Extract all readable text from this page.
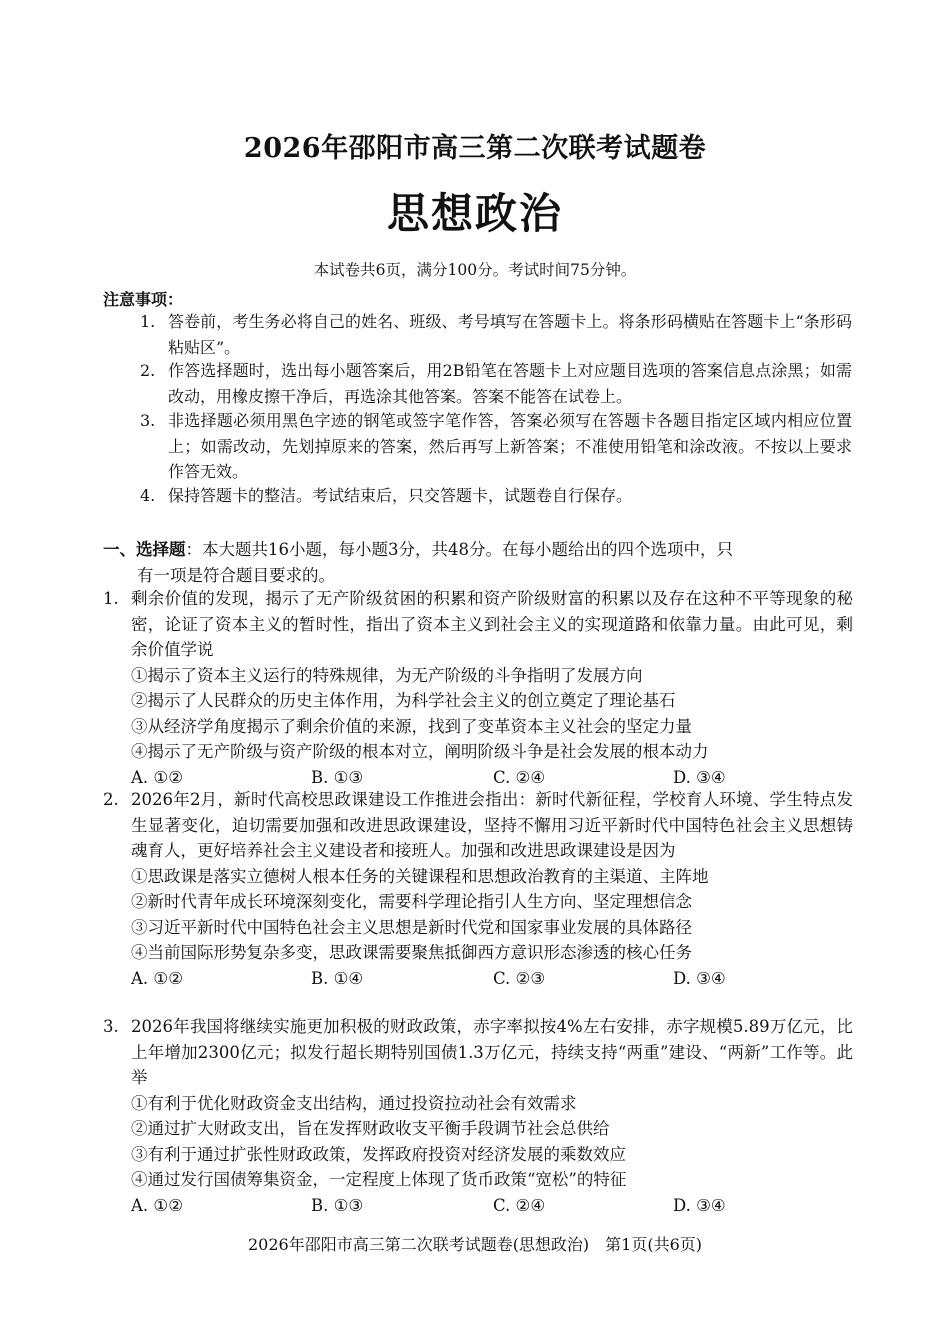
2026年邵阳市高三第二次联考试题卷
思想政治
本试卷共6页，满分100分。考试时间75分钟。
注意事项：
1. 答卷前，考生务必将自己的姓名、班级、考号填写在答题卡上。将条形码横贴在答题卡上“条形码粘贴区”。
2. 作答选择题时，选出每小题答案后，用2B铅笔在答题卡上对应题目选项的答案信息点涂黑；如需改动，用橡皮擦干净后，再选涂其他答案。答案不能答在试卷上。
3. 非选择题必须用黑色字迹的钢笔或签字笔作答，答案必须写在答题卡各题目指定区域内相应位置上；如需改动，先划掉原来的答案，然后再写上新答案；不准使用铅笔和涂改液。不按以上要求作答无效。
4. 保持答题卡的整洁。考试结束后，只交答题卡，试题卷自行保存。
一、选择题：本大题共16小题，每小题3分，共48分。在每小题给出的四个选项中，只
有一项是符合题目要求的。
1. 剩余价值的发现，揭示了无产阶级贫困的积累和资产阶级财富的积累以及存在这种不平等现象的秘密，论证了资本主义的暂时性，指出了资本主义到社会主义的实现道路和依靠力量。由此可见，剩余价值学说
①揭示了资本主义运行的特殊规律，为无产阶级的斗争指明了发展方向
②揭示了人民群众的历史主体作用，为科学社会主义的创立奠定了理论基石
③从经济学角度揭示了剩余价值的来源，找到了变革资本主义社会的坚定力量
④揭示了无产阶级与资产阶级的根本对立，阐明阶级斗争是社会发展的根本动力
A. ①②	B. ①③	C. ②④	D. ③④
2. 2026年2月，新时代高校思政课建设工作推进会指出：新时代新征程，学校育人环境、学生特点发生显著变化，迫切需要加强和改进思政课建设，坚持不懈用习近平新时代中国特色社会主义思想铸魂育人，更好培养社会主义建设者和接班人。加强和改进思政课建设是因为
①思政课是落实立德树人根本任务的关键课程和思想政治教育的主渠道、主阵地
②新时代青年成长环境深刻变化，需要科学理论指引人生方向、坚定理想信念
③习近平新时代中国特色社会主义思想是新时代党和国家事业发展的具体路径
④当前国际形势复杂多变，思政课需要聚焦抵御西方意识形态渗透的核心任务
A. ①②	B. ①④	C. ②③	D. ③④
3. 2026年我国将继续实施更加积极的财政政策，赤字率拟按4%左右安排，赤字规模5.89万亿元，比上年增加2300亿元；拟发行超长期特别国债1.3万亿元，持续支持“两重”建设、“两新”工作等。此举
①有利于优化财政资金支出结构，通过投资拉动社会有效需求
②通过扩大财政支出，旨在发挥财政收支平衡手段调节社会总供给
③有利于通过扩张性财政政策，发挥政府投资对经济发展的乘数效应
④通过发行国债筹集资金，一定程度上体现了货币政策“宽松”的特征
A. ①②	B. ①③	C. ②④	D. ③④
2026年邵阳市高三第二次联考试题卷(思想政治)　第1页(共6页)
